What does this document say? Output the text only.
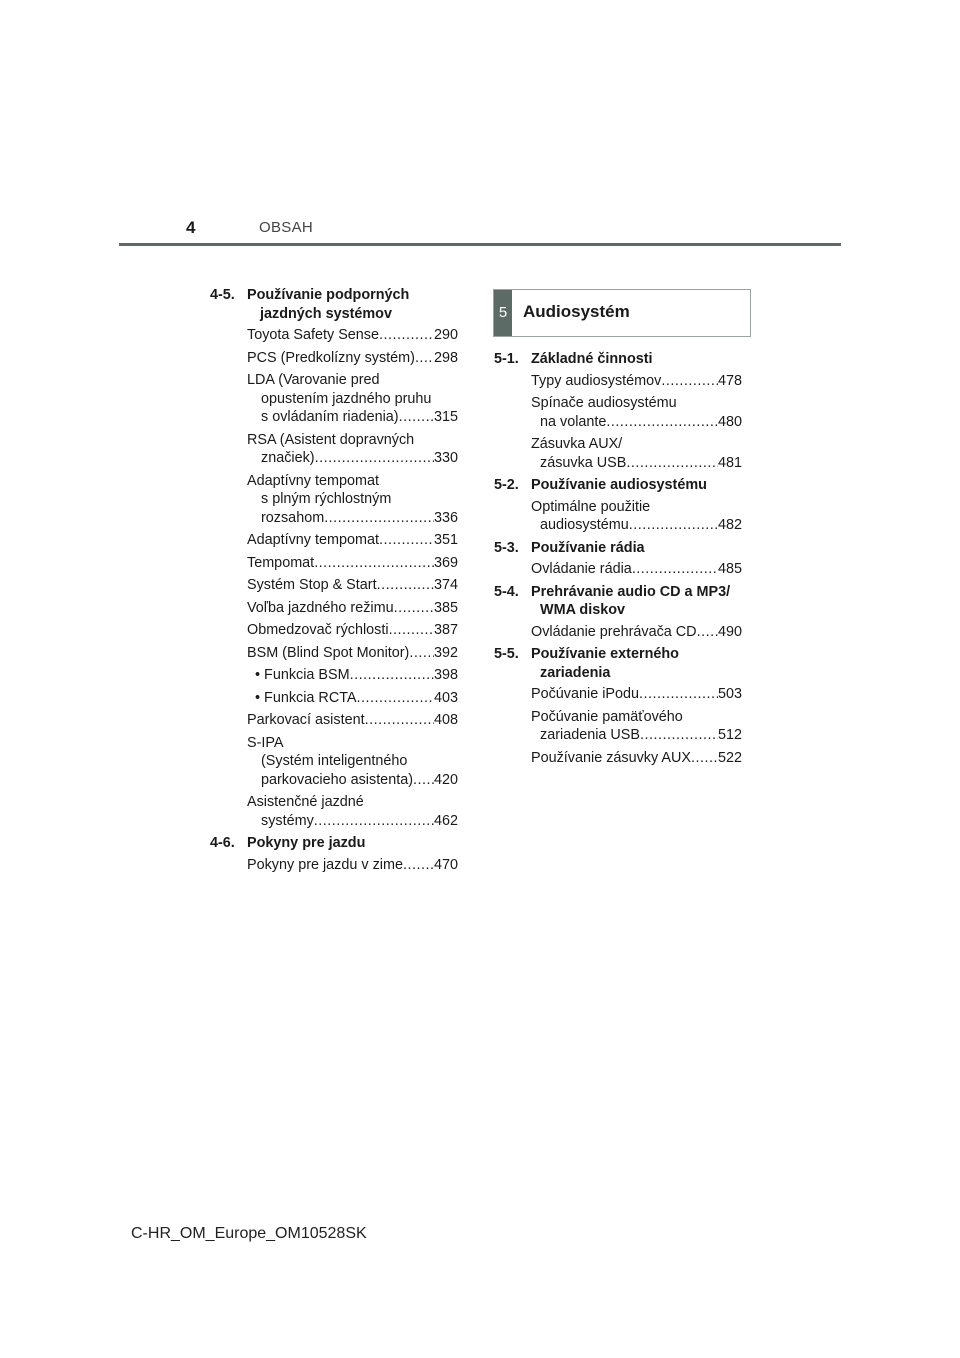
4	OBSAH
4-5. Používanie podporných
jazdných systémov
Toyota Safety Sense .....	290
PCS (Predkolízny systém) ..... 298
LDA (Varovanie pred
opustením jazdného pruhu
s ovládaním riadenia) ..... 315
RSA (Asistent dopravných
značiek) .....	330
Adaptívny tempomat
s plným rýchlostným
rozsahom .....	336
Adaptívny tempomat .....	351
Tempomat .....	369
Systém Stop & Start .....	374
Voľba jazdného režimu .....	385
Obmedzovač rýchlosti .....	387
BSM (Blind Spot Monitor) ..... 392
• Funkcia BSM .....	398
• Funkcia RCTA .....	403
Parkovací asistent .....	408
S-IPA
(Systém inteligentného
parkovacieho asistenta) ..... 420
Asistenčné jazdné
systémy .....	462
4-6. Pokyny pre jazdu
Pokyny pre jazdu v zime ..... 470
5 Audiosystém
5-1. Základné činnosti
Typy audiosystémov .....	478
Spínače audiosystému
na volante .....	480
Zásuvka AUX/
zásuvka USB .....	481
5-2. Používanie audiosystému
Optimálne použitie
audiosystému .....	482
5-3. Používanie rádia
Ovládanie rádia .....	485
5-4. Prehrávanie audio CD a MP3/
WMA diskov
Ovládanie prehrávača CD ..... 490
5-5. Používanie externého
zariadenia
Počúvanie iPodu .....	503
Počúvanie pamäťového
zariadenia USB .....	512
Používanie zásuvky AUX ..... 522
C-HR_OM_Europe_OM10528SK
